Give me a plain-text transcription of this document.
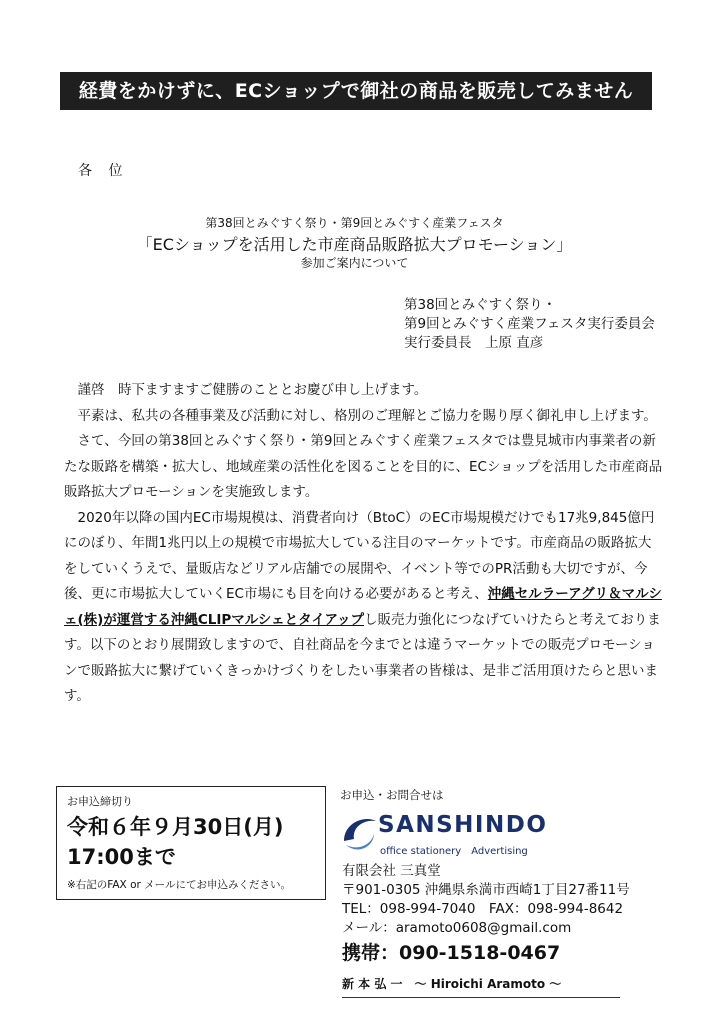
経費をかけずに、ECショップで御社の商品を販売してみませんか??
各 位
第38回とみぐすく祭り・第9回とみぐすく産業フェスタ
「ECショップを活用した市産商品販路拡大プロモーション」
参加ご案内について
第38回とみぐすく祭り・
第9回とみぐすく産業フェスタ実行委員会
実行委員長　上原 直彦

謹啓　時下ますますご健勝のこととお慶び申し上げます。

平素は、私共の各種事業及び活動に対し、格別のご理解とご協力を賜り厚く御礼申し上げます。

さて、今回の第38回とみぐすく祭り・第9回とみぐすく産業フェスタでは豊見城市内事業者の新たな販路を構築・拡大し、地域産業の活性化を図ることを目的に、ECショップを活用した市産商品販路拡大プロモーションを実施致します。

2020年以降の国内EC市場規模は、消費者向け（BtoC）のEC市場規模だけでも17兆9,845億円にのぼり、年間1兆円以上の規模で市場拡大している注目のマーケットです。市産商品の販路拡大をしていくうえで、量販店などリアル店舗での展開や、イベント等でのPR活動も大切ですが、今後、更に市場拡大していくEC市場にも目を向ける必要があると考え、沖縄セルラーアグリ＆マルシェ(株)が運営する沖縄CLIPマルシェとタイアップし販売力強化につなげていけたらと考えております。以下のとおり展開致しますので、自社商品を今までとは違うマーケットでの販売プロモーションで販路拡大に繋げていくきっかけづくりをしたい事業者の皆様は、是非ご活用頂けたらと思います。

お申込締切り
令和６年９月30日(月)
17:00まで
※右記のFAX or メールにてお申込みください。
お申込・お問合せは
SANSHINDO
office stationery　Advertising
有限会社 三真堂
〒901-0305 沖縄県糸満市西崎1丁目27番11号
TEL：098-994-7040　FAX：098-994-8642
メール：aramoto0608@gmail.com
携帯：090-1518-0467
新 本 弘 一　～ Hiroichi Aramoto ～
